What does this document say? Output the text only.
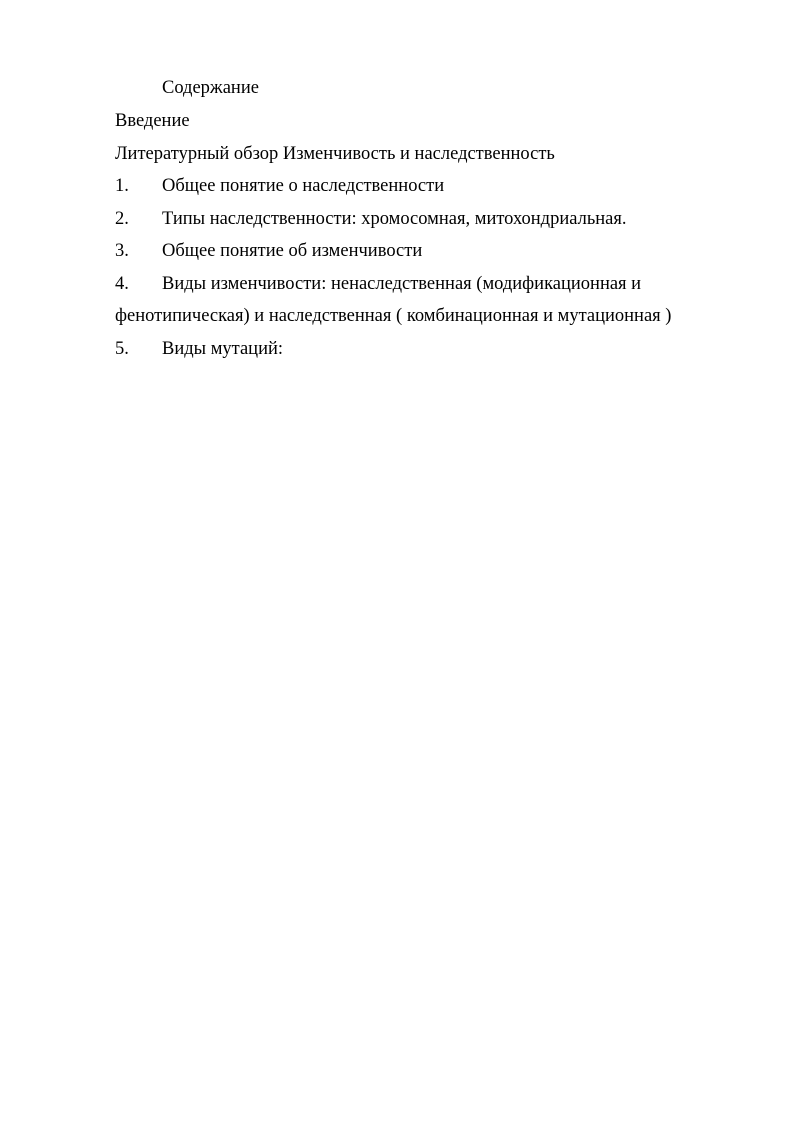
Содержание
Введение
Литературный обзор Изменчивость и наследственность
1. Общее понятие о наследственности
2. Типы наследственности: хромосомная, митохондриальная.
3. Общее понятие об изменчивости
4. Виды изменчивости: ненаследственная (модификационная и
фенотипическая) и наследственная ( комбинационная и мутационная )
5. Виды мутаций:
